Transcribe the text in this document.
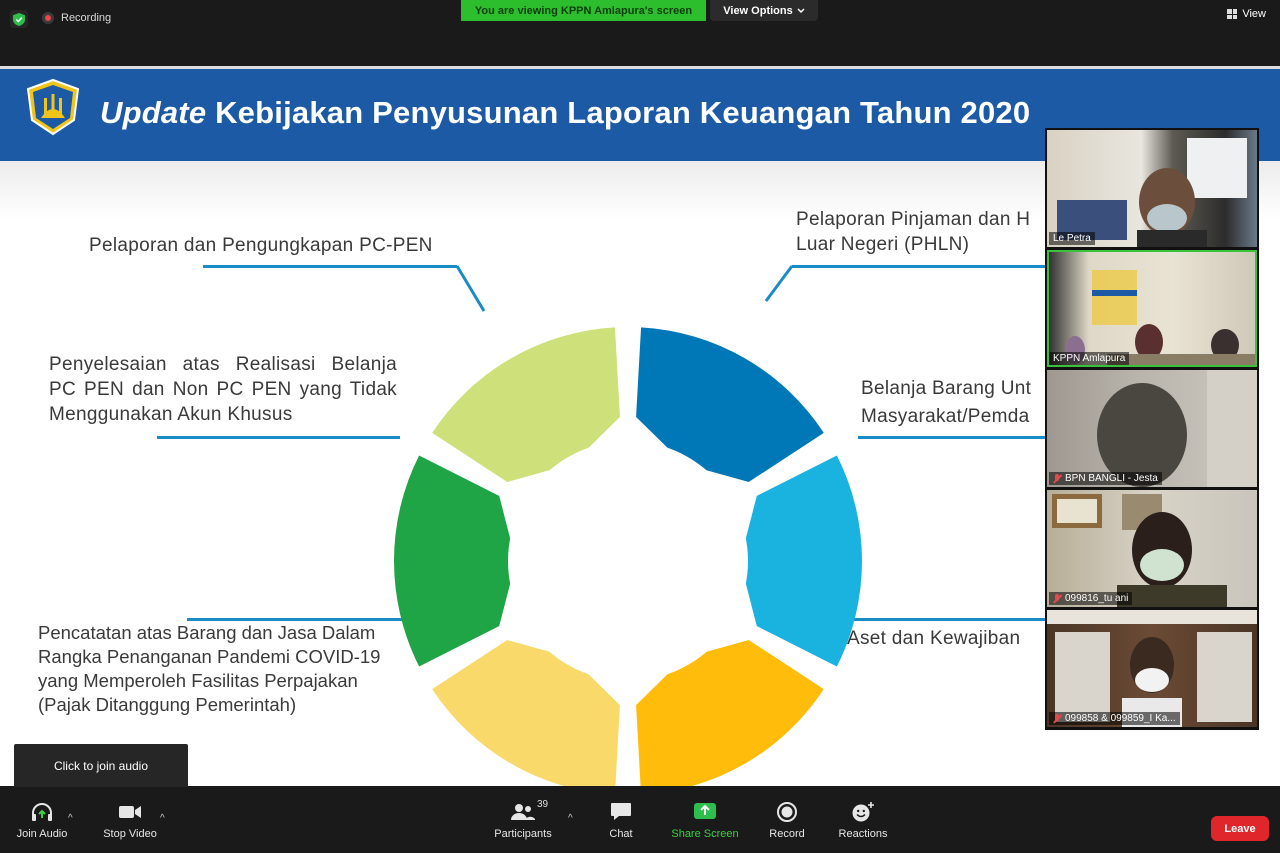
Recording
You are viewing KPPN Amlapura's screen	View Options	View
Update Kebijakan Penyusunan Laporan Keuangan Tahun 2020
Pelaporan dan Pengungkapan PC-PEN
Penyelesaian atas Realisasi Belanja PC PEN dan Non PC PEN yang Tidak Menggunakan Akun Khusus
Pencatatan atas Barang dan Jasa Dalam Rangka Penanganan Pandemi COVID-19 yang Memperoleh Fasilitas Perpajakan (Pajak Ditanggung Pemerintah)
Pelaporan Pinjaman dan H
Luar Negeri (PHLN)
Belanja Barang Unt
Masyarakat/Pemda
Aset dan Kewajiban
Le Petra
KPPN Amlapura
BPN BANGLI - Jesta
099816_tu ani
099858 & 099859_I Ka...
Click to join audio
Join Audio
^
Stop Video
^
39
Participants
^
Chat	Share Screen	Record	Reactions	Leave
